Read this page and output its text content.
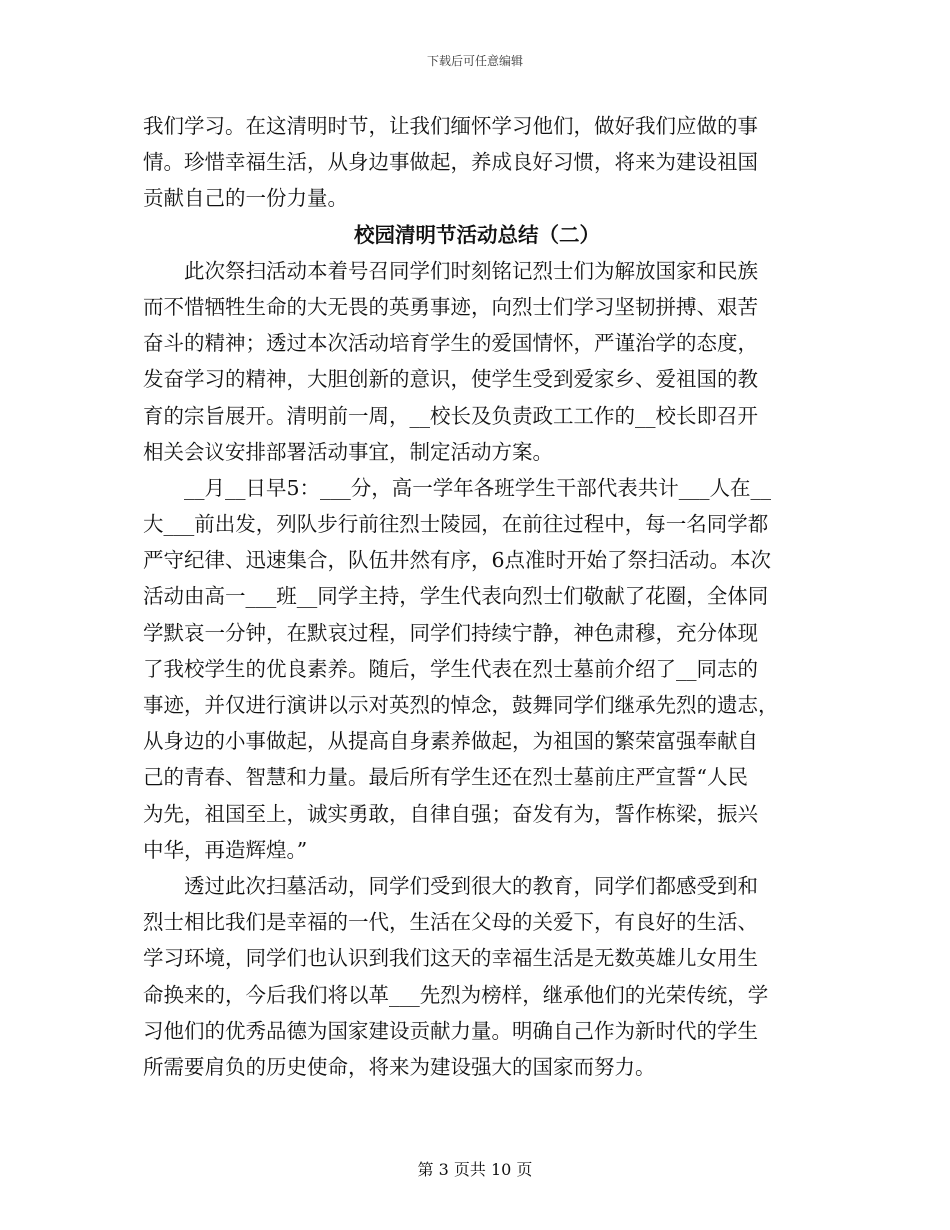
下载后可任意编辑
我们学习。在这清明时节，让我们缅怀学习他们，做好我们应做的事
情。珍惜幸福生活，从身边事做起，养成良好习惯，将来为建设祖国
贡献自己的一份力量。
校园清明节活动总结（二）
　　此次祭扫活动本着号召同学们时刻铭记烈士们为解放国家和民族
而不惜牺牲生命的大无畏的英勇事迹，向烈士们学习坚韧拼搏、艰苦
奋斗的精神；透过本次活动培育学生的爱国情怀，严谨治学的态度，
发奋学习的精神，大胆创新的意识，使学生受到爱家乡、爱祖国的教
育的宗旨展开。清明前一周，__校长及负责政工工作的__校长即召开
相关会议安排部署活动事宜，制定活动方案。
　　__月__日早5：___分，高一学年各班学生干部代表共计___人在__
大___前出发，列队步行前往烈士陵园，在前往过程中，每一名同学都
严守纪律、迅速集合，队伍井然有序，6点准时开始了祭扫活动。本次
活动由高一___班__同学主持，学生代表向烈士们敬献了花圈，全体同
学默哀一分钟，在默哀过程，同学们持续宁静，神色肃穆，充分体现
了我校学生的优良素养。随后，学生代表在烈士墓前介绍了__同志的
事迹，并仅进行演讲以示对英烈的悼念，鼓舞同学们继承先烈的遗志，
从身边的小事做起，从提高自身素养做起，为祖国的繁荣富强奉献自
己的青春、智慧和力量。最后所有学生还在烈士墓前庄严宣誓“人民
为先，祖国至上，诚实勇敢，自律自强；奋发有为，誓作栋梁，振兴
中华，再造辉煌。”
　　透过此次扫墓活动，同学们受到很大的教育，同学们都感受到和
烈士相比我们是幸福的一代，生活在父母的关爱下，有良好的生活、
学习环境，同学们也认识到我们这天的幸福生活是无数英雄儿女用生
命换来的，今后我们将以革___先烈为榜样，继承他们的光荣传统，学
习他们的优秀品德为国家建设贡献力量。明确自己作为新时代的学生
所需要肩负的历史使命，将来为建设强大的国家而努力。
第 3 页共 10 页
